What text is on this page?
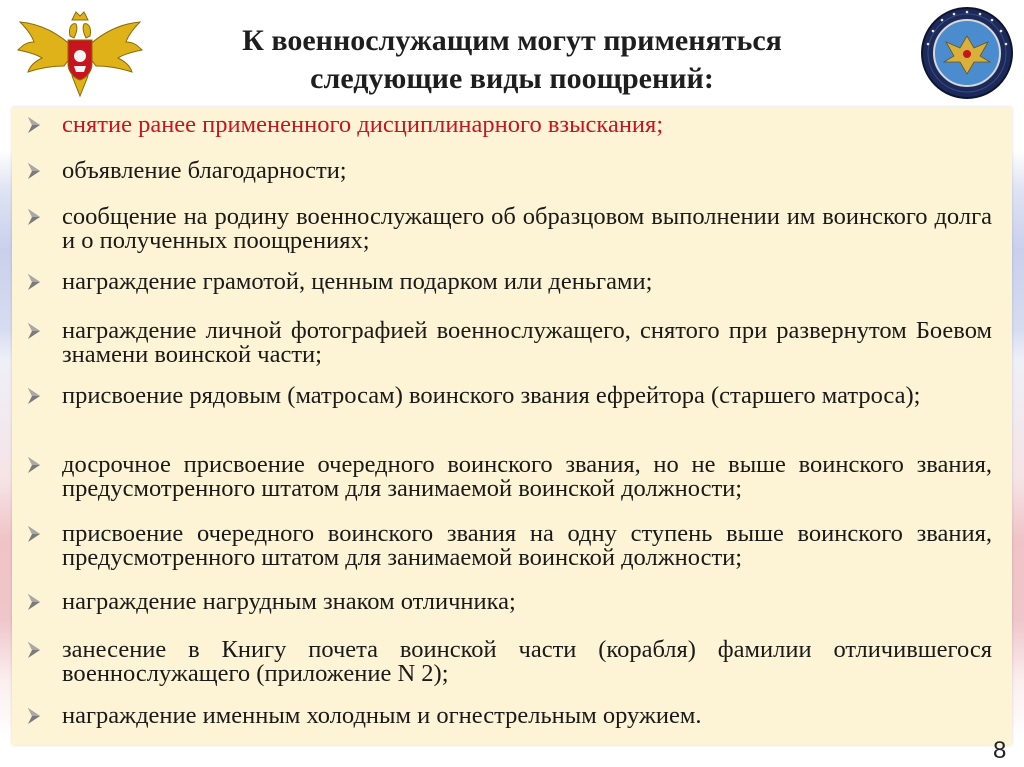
К военнослужащим могут применяться
следующие виды поощрений:
снятие ранее примененного дисциплинарного взыскания;
объявление благодарности;
сообщение на родину военнослужащего об образцовом выполнении им воинского долга и о полученных поощрениях;
награждение грамотой, ценным подарком или деньгами;
награждение личной фотографией военнослужащего, снятого при развернутом Боевом знамени воинской части;
присвоение рядовым (матросам) воинского звания ефрейтора (старшего матроса);
досрочное присвоение очередного воинского звания, но не выше воинского звания, предусмотренного штатом для занимаемой воинской должности;
присвоение очередного воинского звания на одну ступень выше воинского звания, предусмотренного штатом для занимаемой воинской должности;
награждение нагрудным знаком отличника;
занесение в Книгу почета воинской части (корабля) фамилии отличившегося военнослужащего (приложение N 2);
награждение именным холодным и огнестрельным оружием.
8
